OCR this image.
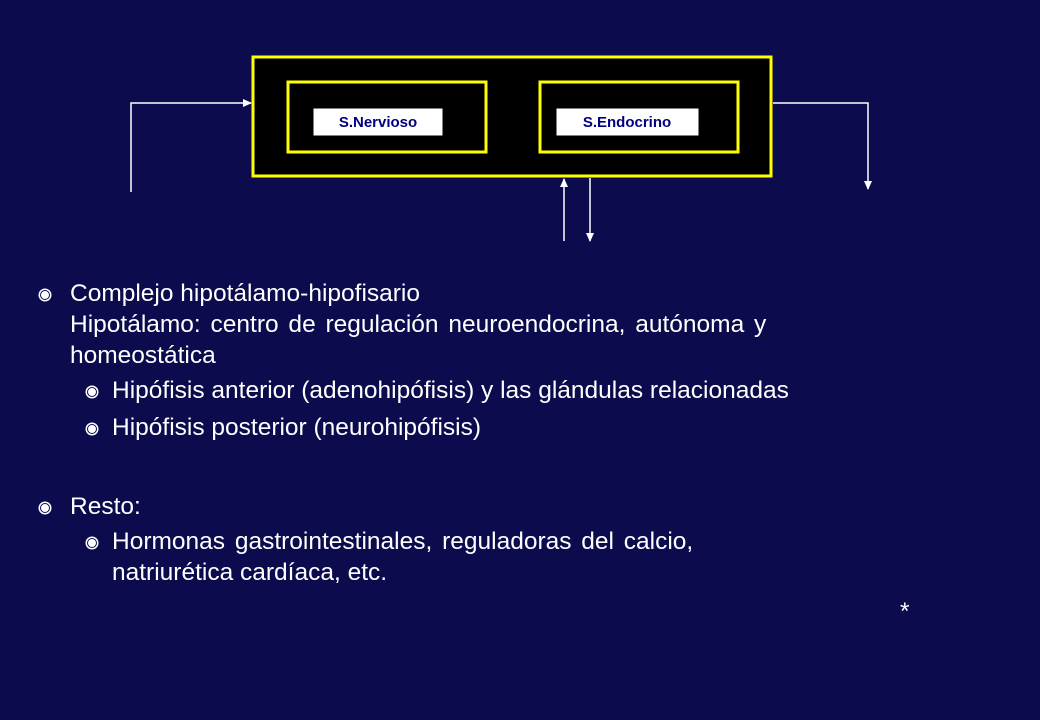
S.Nervioso	S.Endocrino
Complejo hipotálamo-hipofisario
Hipotálamo: centro de regulación neuroendocrina, autónoma y
homeostática
Hipófisis anterior (adenohipófisis) y las glándulas relacionadas
Hipófisis posterior (neurohipófisis)
Resto:
Hormonas gastrointestinales, reguladoras del calcio,
natriurética cardíaca, etc.
*
